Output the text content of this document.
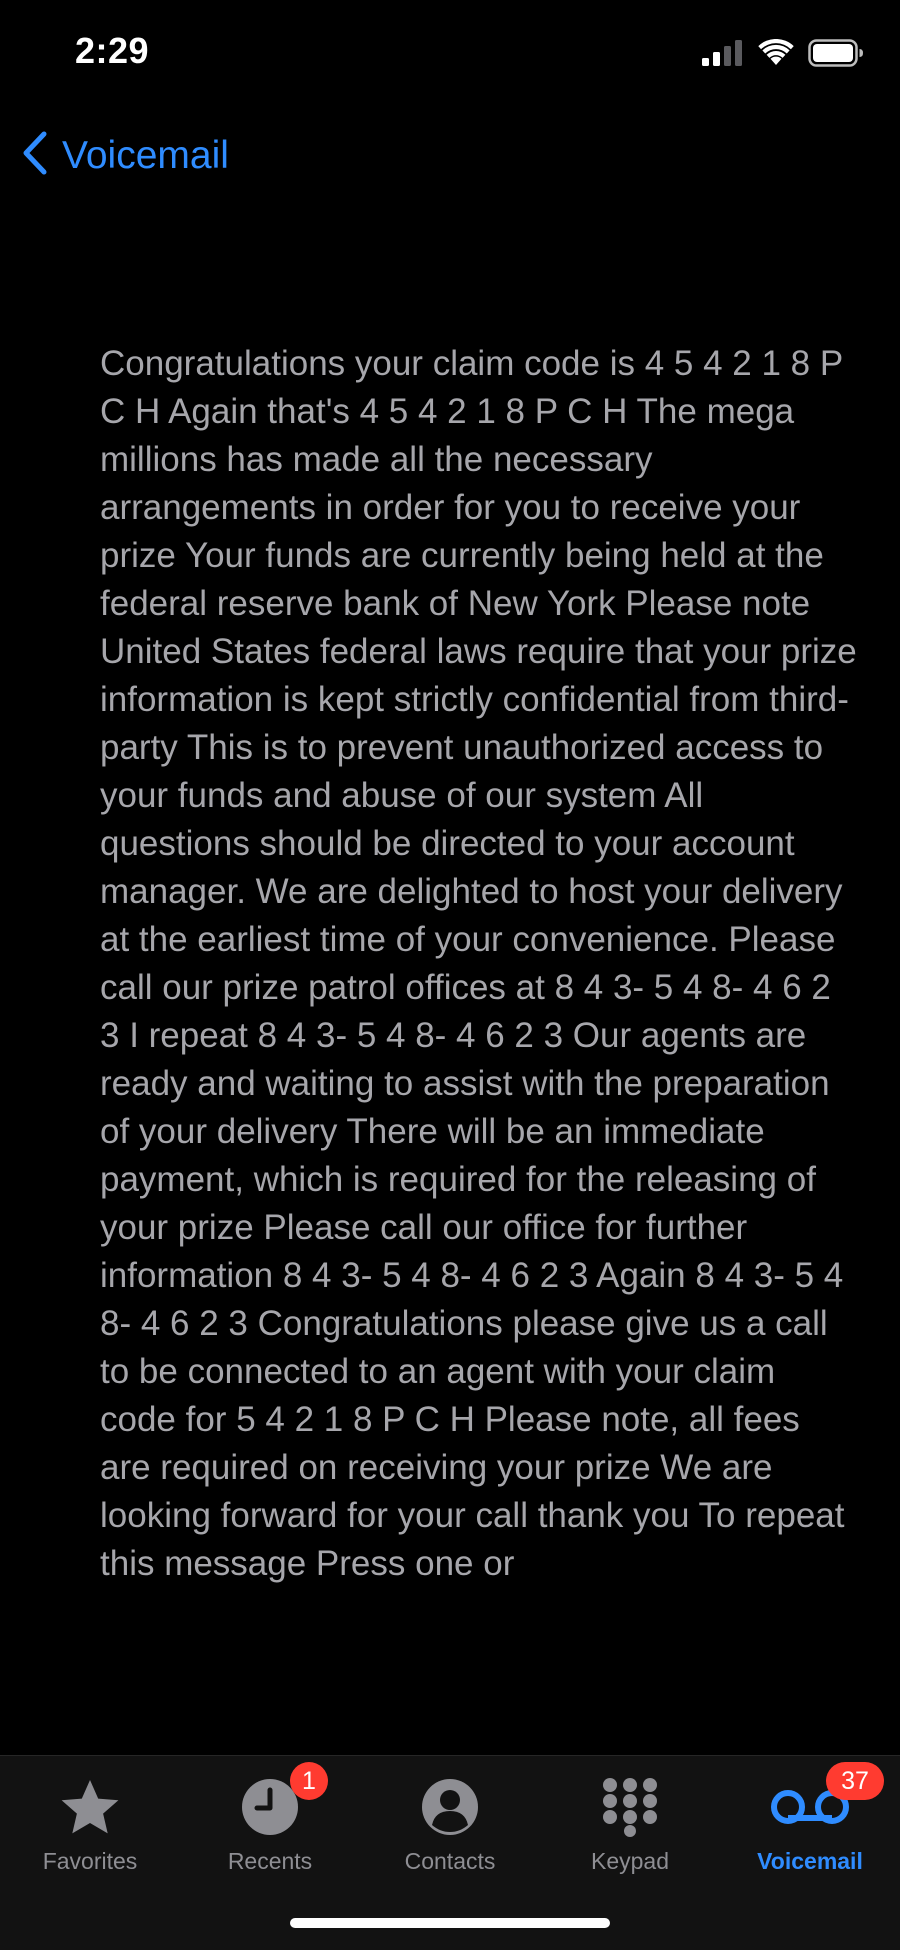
2:29
Voicemail

Congratulations your claim code is 4 5 4 2 1 8 P C H Again that's 4 5 4 2 1 8 P C H The mega millions has made all the necessary arrangements in order for you to receive your prize Your funds are currently being held at the federal reserve bank of New York Please note United States federal laws require that your prize information is kept strictly confidential from third-party This is to prevent unauthorized access to your funds and abuse of our system All questions should be directed to your account manager. We are delighted to host your delivery at the earliest time of your convenience. Please call our prize patrol offices at 8 4 3- 5 4 8- 4 6 2 3 I repeat 8 4 3- 5 4 8- 4 6 2 3 Our agents are ready and waiting to assist with the preparation of your delivery There will be an immediate payment, which is required for the releasing of your prize Please call our office for further information 8 4 3- 5 4 8- 4 6 2 3 Again 8 4 3- 5 4 8- 4 6 2 3 Congratulations please give us a call to be connected to an agent with your claim code for 5 4 2 1 8 P C H Please note, all fees are required on receiving your prize We are looking forward for your call thank you To repeat this message Press one or

Favorites
1
Recents	Contacts	Keypad
37
Voicemail
